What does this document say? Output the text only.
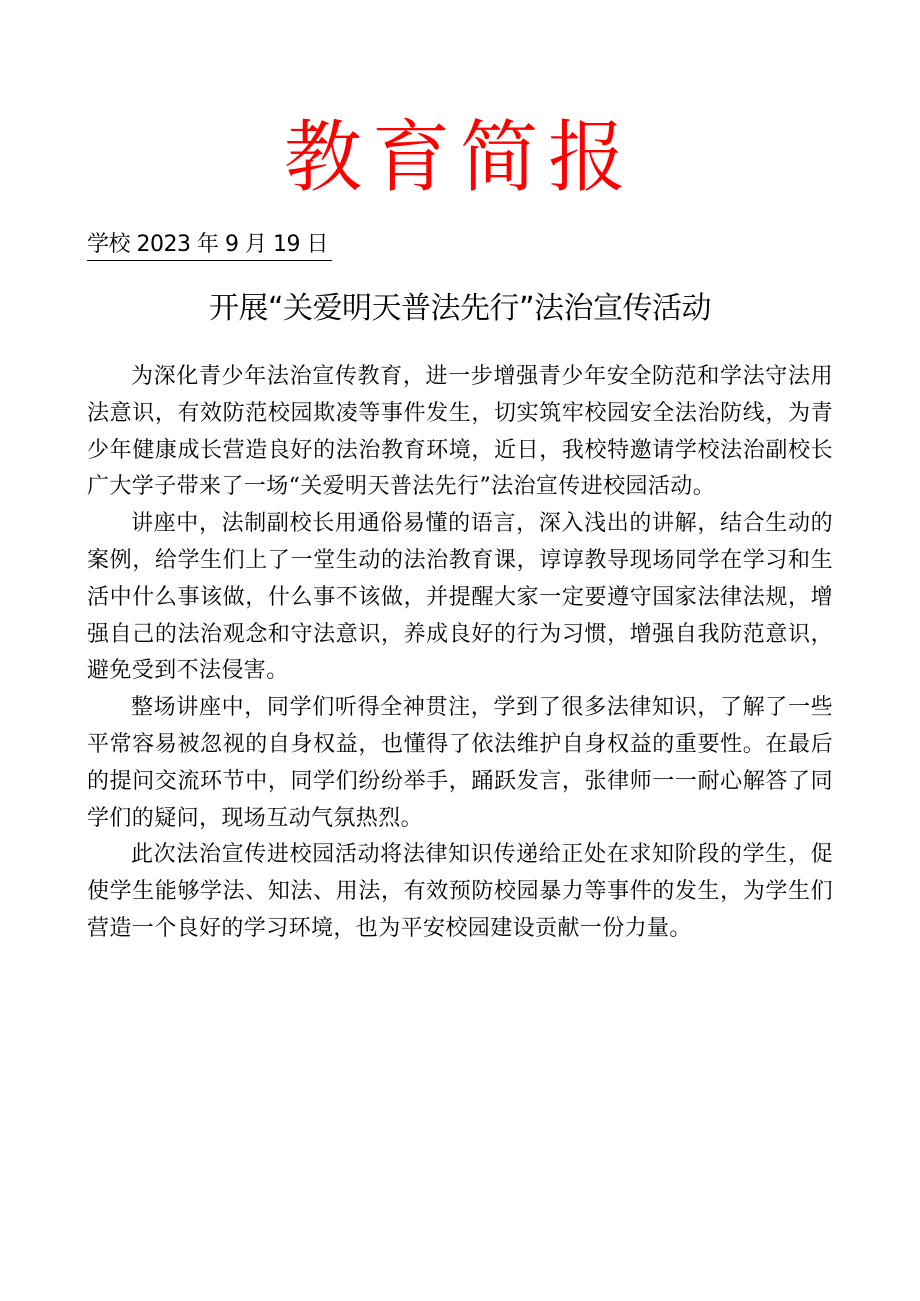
教育简报
学校 2023 年 9 月 19 日
开展“关爱明天普法先行”法治宣传活动

为深化青少年法治宣传教育，进一步增强青少年安全防范和学法守法用法意识，有效防范校园欺凌等事件发生，切实筑牢校园安全法治防线，为青少年健康成长营造良好的法治教育环境，近日，我校特邀请学校法治副校长广大学子带来了一场“关爱明天普法先行”法治宣传进校园活动。

讲座中，法制副校长用通俗易懂的语言，深入浅出的讲解，结合生动的案例，给学生们上了一堂生动的法治教育课，谆谆教导现场同学在学习和生活中什么事该做，什么事不该做，并提醒大家一定要遵守国家法律法规，增强自己的法治观念和守法意识，养成良好的行为习惯，增强自我防范意识，避免受到不法侵害。

整场讲座中，同学们听得全神贯注，学到了很多法律知识，了解了一些平常容易被忽视的自身权益，也懂得了依法维护自身权益的重要性。在最后的提问交流环节中，同学们纷纷举手，踊跃发言，张律师一一耐心解答了同学们的疑问，现场互动气氛热烈。

此次法治宣传进校园活动将法律知识传递给正处在求知阶段的学生，促使学生能够学法、知法、用法，有效预防校园暴力等事件的发生，为学生们营造一个良好的学习环境，也为平安校园建设贡献一份力量。
